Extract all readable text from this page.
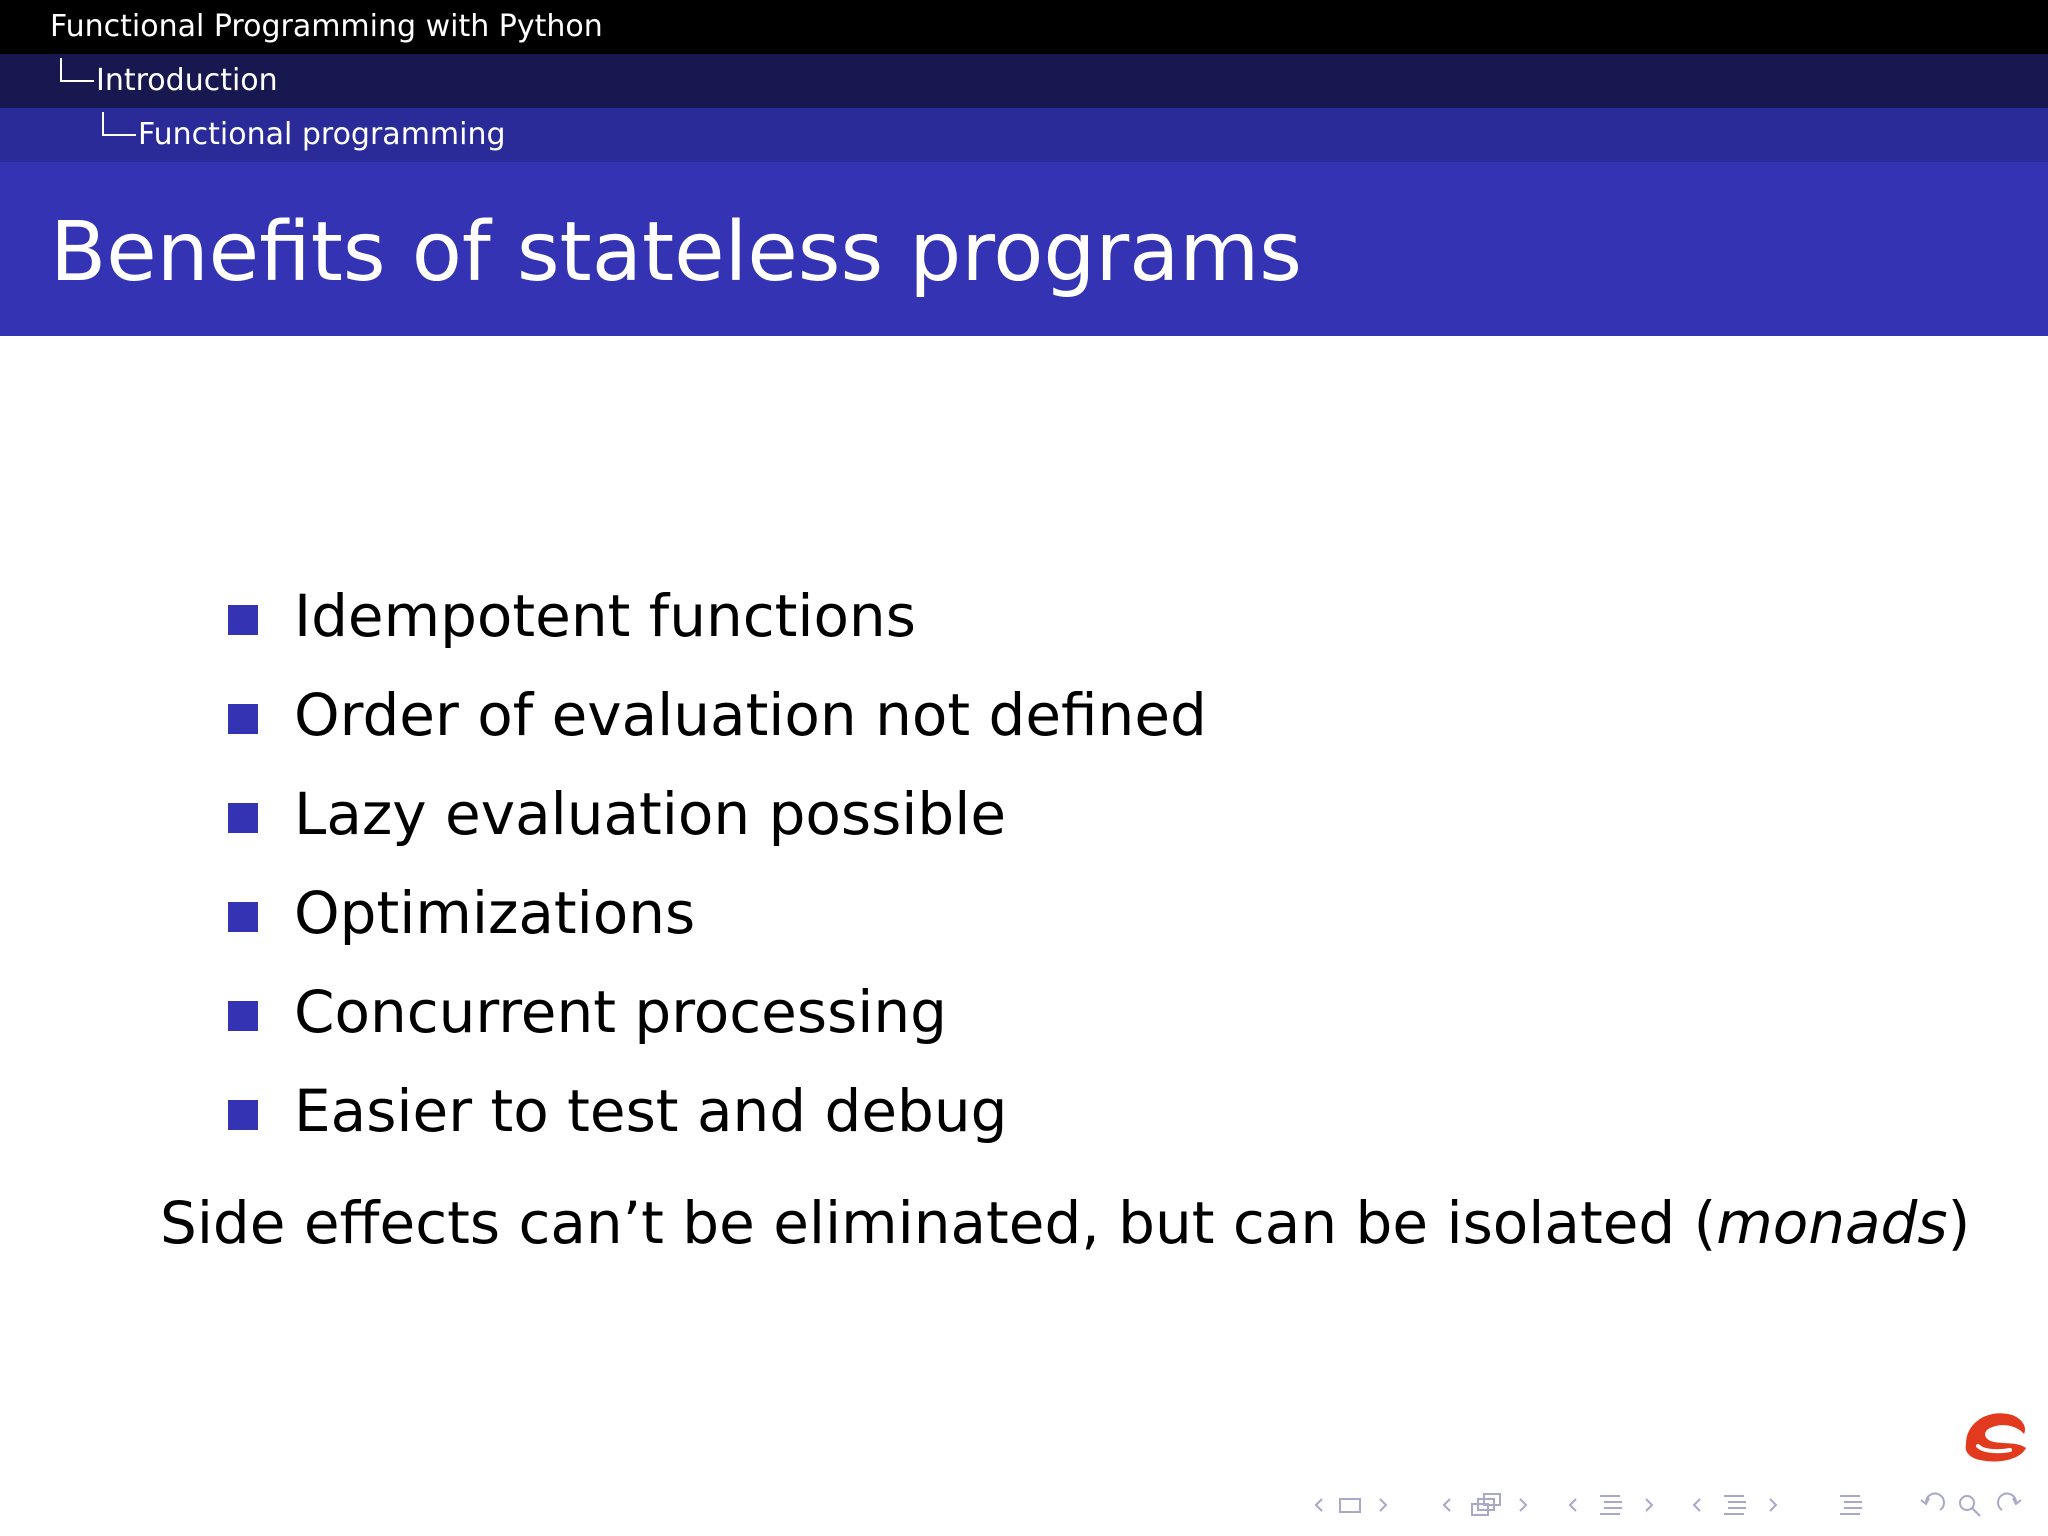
Functional Programming with Python
Introduction
Functional programming
Benefits of stateless programs
Idempotent functions
Order of evaluation not defined
Lazy evaluation possible
Optimizations
Concurrent processing
Easier to test and debug
Side effects can’t be eliminated, but can be isolated (monads)
